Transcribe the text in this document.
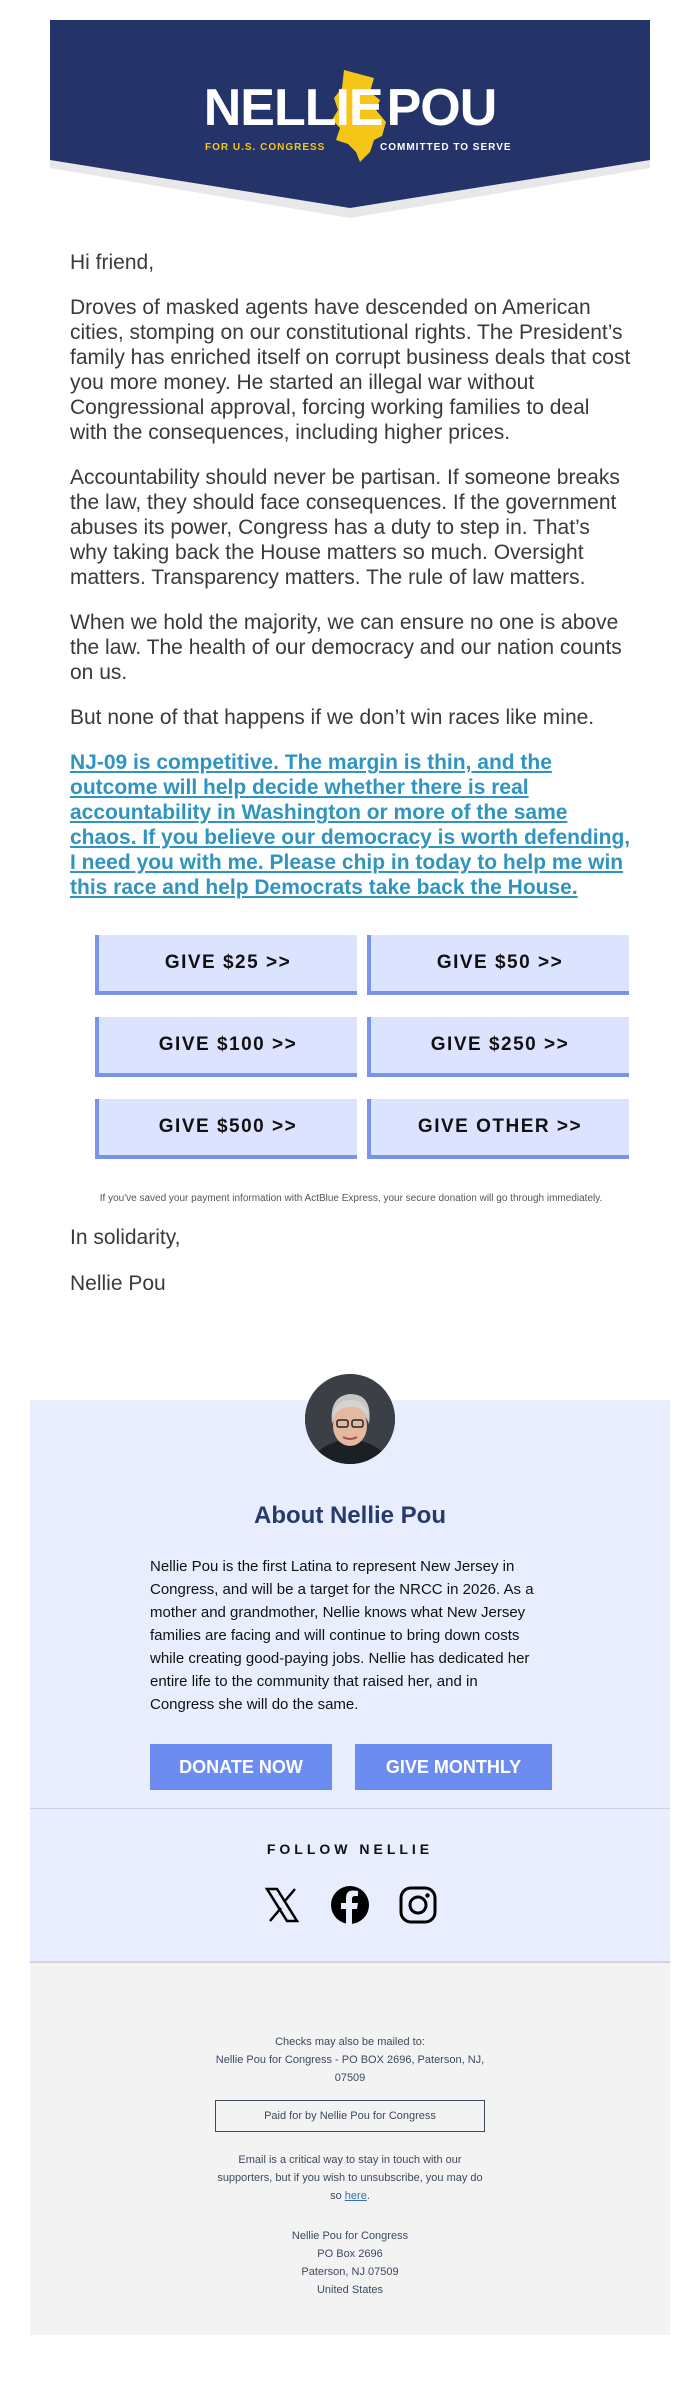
NELLIEPOU
FOR U.S. CONGRESS	COMMITTED TO SERVE

Hi friend,

Droves of masked agents have descended on American cities, stomping on our constitutional rights. The President’s family has enriched itself on corrupt business deals that cost you more money. He started an illegal war without Congressional approval, forcing working families to deal with the consequences, including higher prices.

Accountability should never be partisan. If someone breaks the law, they should face consequences. If the government abuses its power, Congress has a duty to step in. That’s why taking back the House matters so much. Oversight matters. Transparency matters. The rule of law matters.

When we hold the majority, we can ensure no one is above the law. The health of our democracy and our nation counts on us.

But none of that happens if we don’t win races like mine.

NJ-09 is competitive. The margin is thin, and the outcome will help decide whether there is real accountability in Washington or more of the same chaos. If you believe our democracy is worth defending, I need you with me. Please chip in today to help me win this race and help Democrats take back the House.

GIVE $25 >>	GIVE $50 >>
GIVE $100 >>	GIVE $250 >>
GIVE $500 >>	GIVE OTHER >>
If you've saved your payment information with ActBlue Express, your secure donation will go through immediately.
In solidarity,
Nellie Pou
About Nellie Pou
Nellie Pou is the first Latina to represent New Jersey in Congress, and will be a target for the NRCC in 2026. As a mother and grandmother, Nellie knows what New Jersey families are facing and will continue to bring down costs while creating good-paying jobs. Nellie has dedicated her entire life to the community that raised her, and in Congress she will do the same.
DONATE NOW	GIVE MONTHLY
FOLLOW NELLIE
Checks may also be mailed to:
Nellie Pou for Congress - PO BOX 2696, Paterson, NJ,
07509
Paid for by Nellie Pou for Congress
Email is a critical way to stay in touch with our
supporters, but if you wish to unsubscribe, you may do
so here.
Nellie Pou for Congress
PO Box 2696
Paterson, NJ 07509
United States
